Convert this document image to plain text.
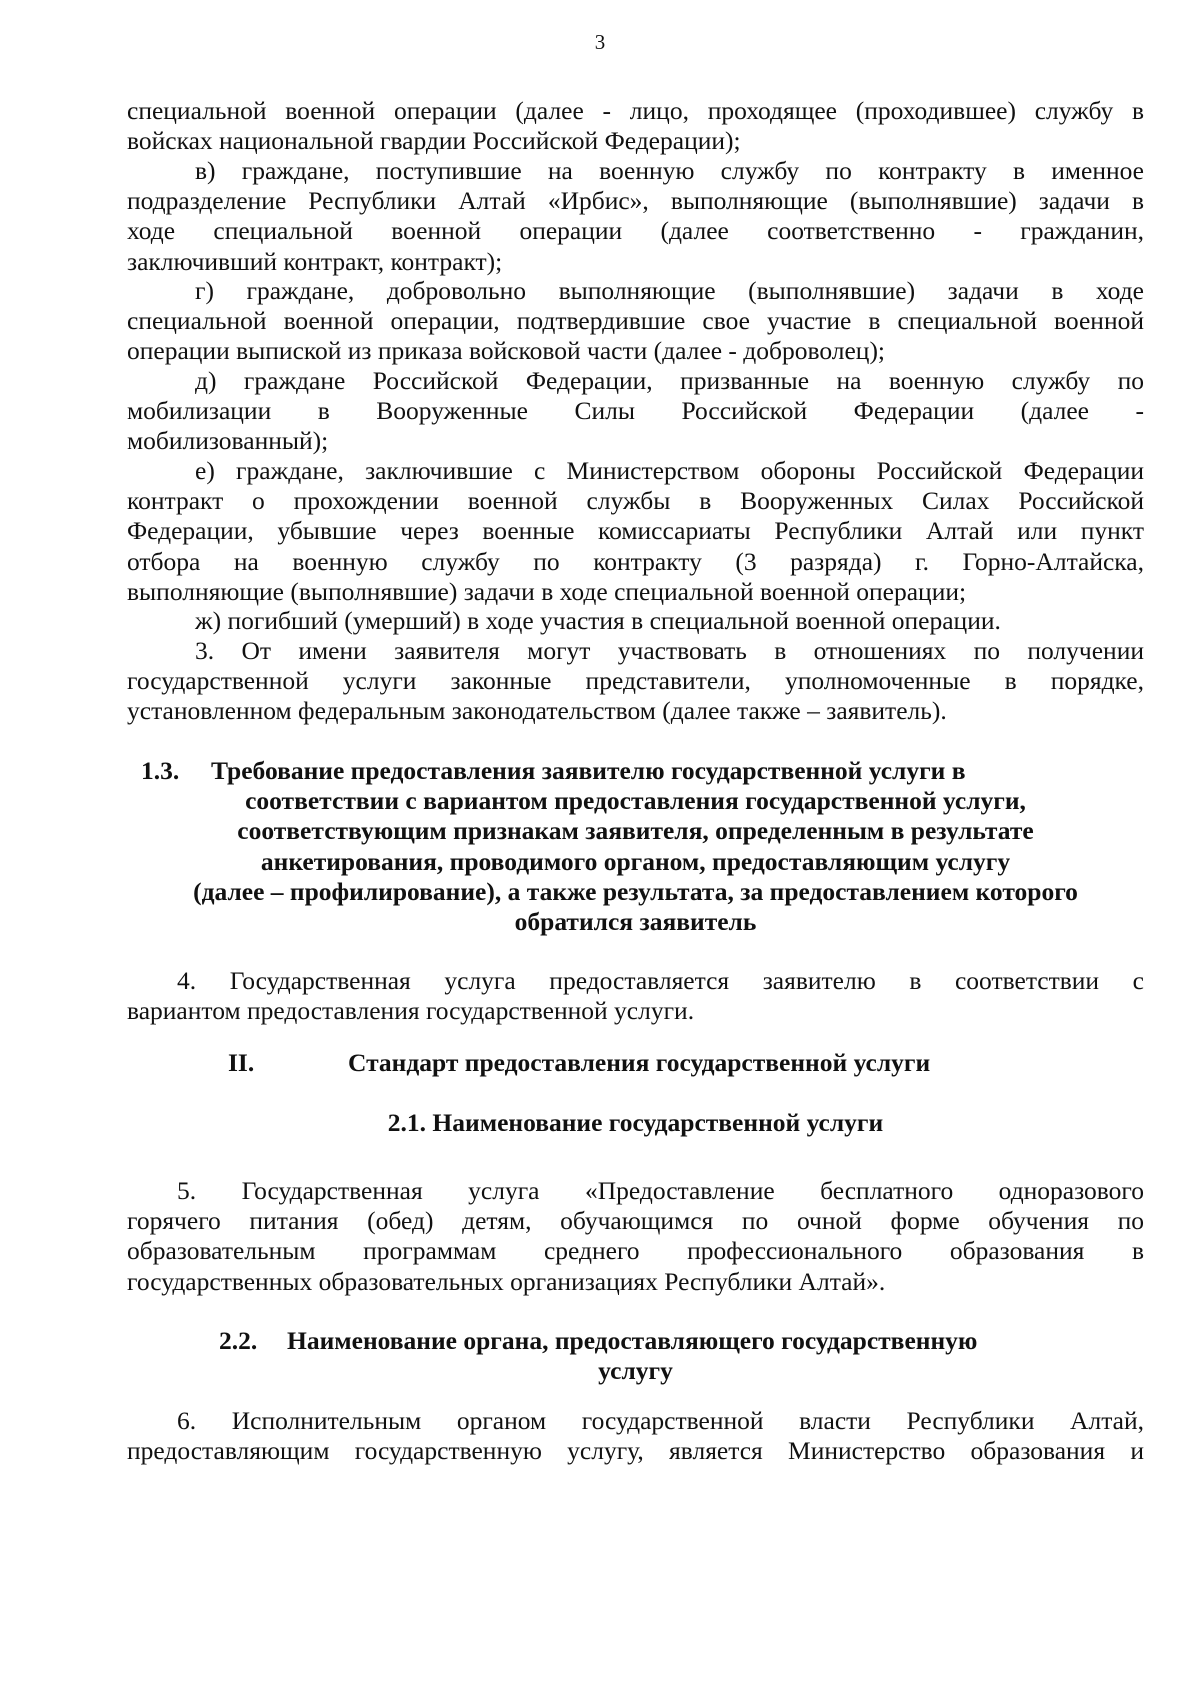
3
специальной военной операции (далее - лицо, проходящее (проходившее) службу в
войсках национальной гвардии Российской Федерации);
в) граждане, поступившие на военную службу по контракту в именное
подразделение Республики Алтай «Ирбис», выполняющие (выполнявшие) задачи в
ходе специальной военной операции (далее соответственно - гражданин,
заключивший контракт, контракт);
г) граждане, добровольно выполняющие (выполнявшие) задачи в ходе
специальной военной операции, подтвердившие свое участие в специальной военной
операции выпиской из приказа войсковой части (далее - доброволец);
д) граждане Российской Федерации, призванные на военную службу по
мобилизации в Вооруженные Силы Российской Федерации (далее -
мобилизованный);
е) граждане, заключившие с Министерством обороны Российской Федерации
контракт о прохождении военной службы в Вооруженных Силах Российской
Федерации, убывшие через военные комиссариаты Республики Алтай или пункт
отбора на военную службу по контракту (3 разряда) г. Горно-Алтайска,
выполняющие (выполнявшие) задачи в ходе специальной военной операции;
ж) погибший (умерший) в ходе участия в специальной военной операции.
3. От имени заявителя могут участвовать в отношениях по получении
государственной услуги законные представители, уполномоченные в порядке,
установленном федеральным законодательством (далее также – заявитель).
1.3. Требование предоставления заявителю государственной услуги в
соответствии с вариантом предоставления государственной услуги,
соответствующим признакам заявителя, определенным в результате
анкетирования, проводимого органом, предоставляющим услугу
(далее – профилирование), а также результата, за предоставлением которого
обратился заявитель
4. Государственная услуга предоставляется заявителю в соответствии с
вариантом предоставления государственной услуги.
II.	Стандарт предоставления государственной услуги
2.1. Наименование государственной услуги
5. Государственная услуга «Предоставление бесплатного одноразового
горячего питания (обед) детям, обучающимся по очной форме обучения по
образовательным программам среднего профессионального образования в
государственных образовательных организациях Республики Алтай».
2.2. Наименование органа, предоставляющего государственную
услугу
6. Исполнительным органом государственной власти Республики Алтай,
предоставляющим государственную услугу, является Министерство образования и
